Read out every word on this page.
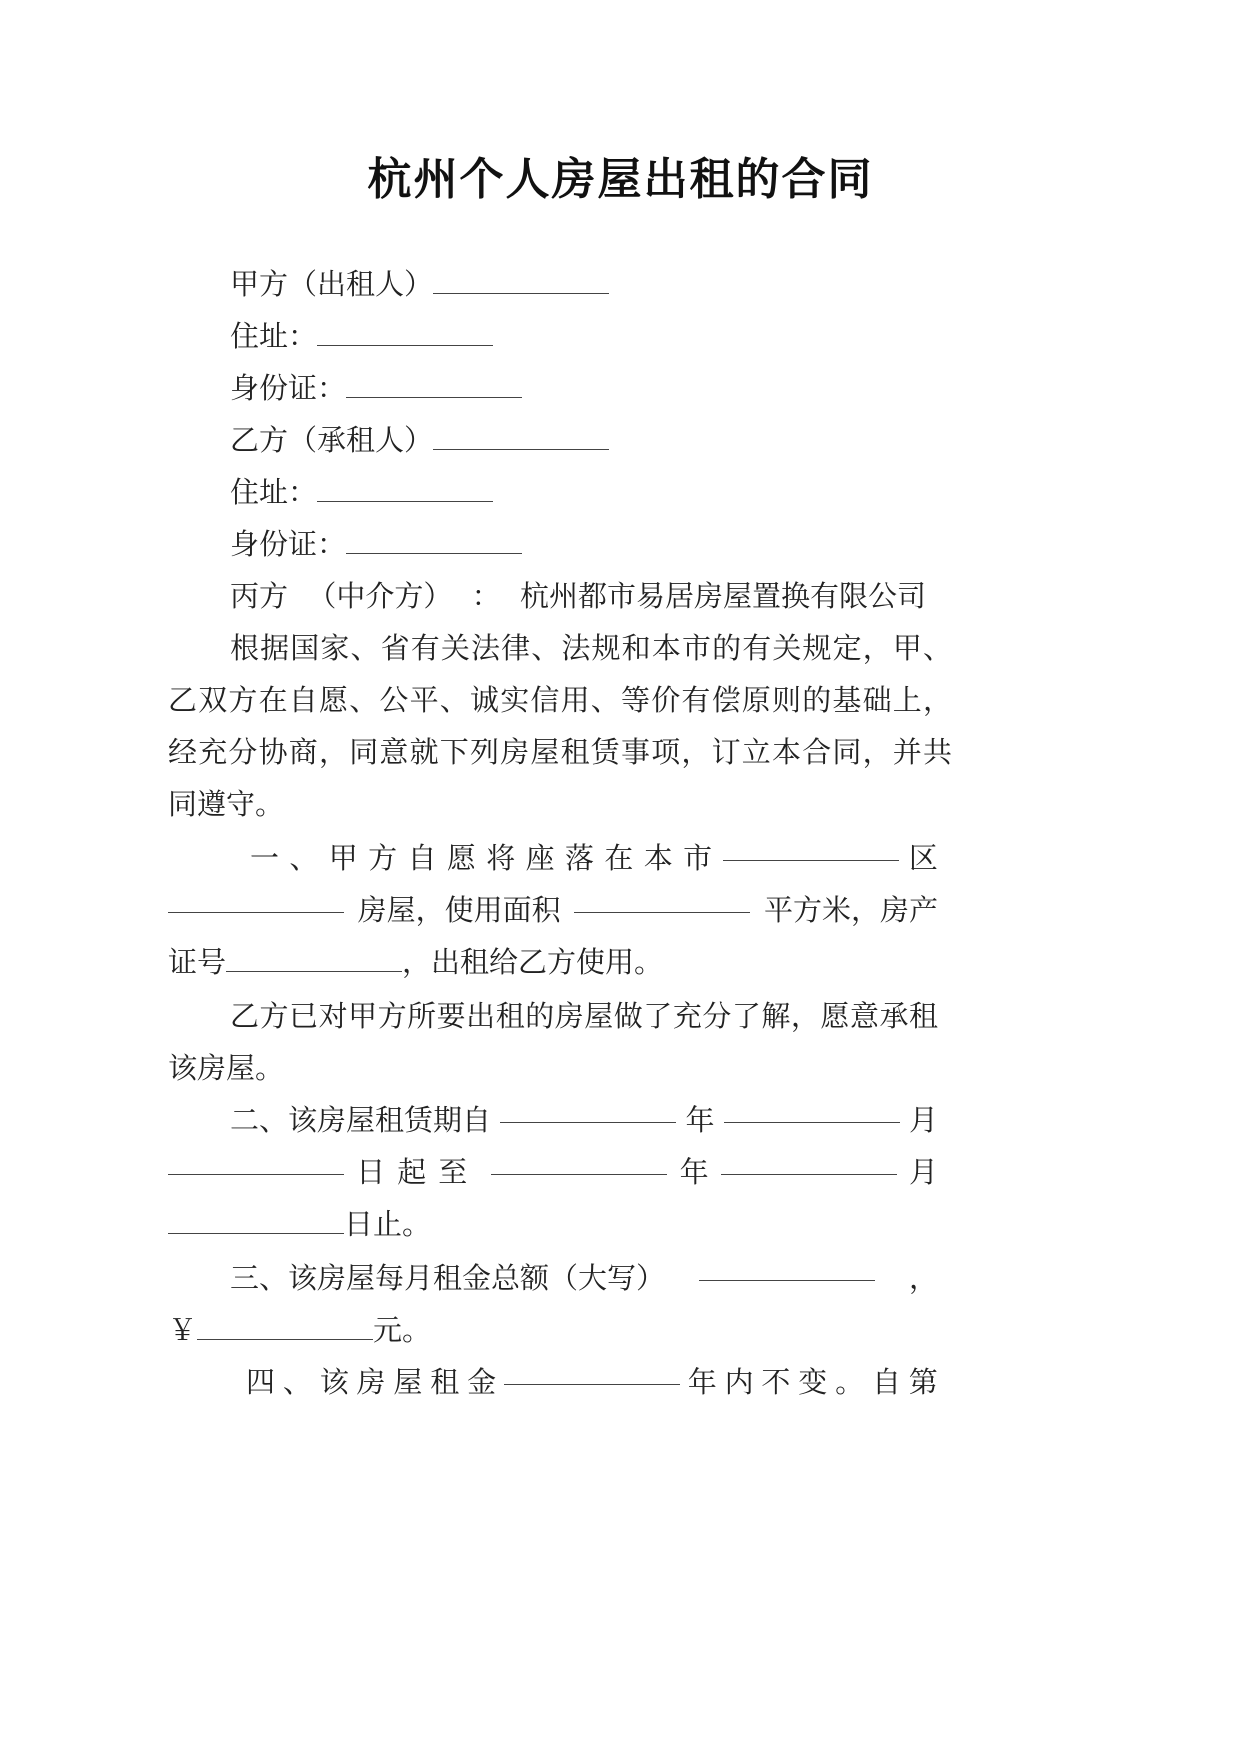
杭州个人房屋出租的合同
甲方（出租人）
住址：
身份证：
乙方（承租人）
住址：
身份证：
丙方 （中介方） ： 杭州都市易居房屋置换有限公司
根据国家、省有关法律、法规和本市的有关规定，甲、
乙双方在自愿、公平、诚实信用、等价有偿原则的基础上，
经充分协商，同意就下列房屋租赁事项，订立本合同，并共
同遵守。
一 、 甲 方 自 愿 将 座 落 在 本 市	区
房屋，使用面积	平方米，房产
证号	，出租给乙方使用。
乙方已对甲方所要出租的房屋做了充分了解，愿意承租
该房屋。
二、该房屋租赁期自	年	月
日起至	年	月
日止。
三、该房屋每月租金总额（大写）	，
￥	元。
四 、 该 房 屋 租 金	年 内 不 变 。 自 第
